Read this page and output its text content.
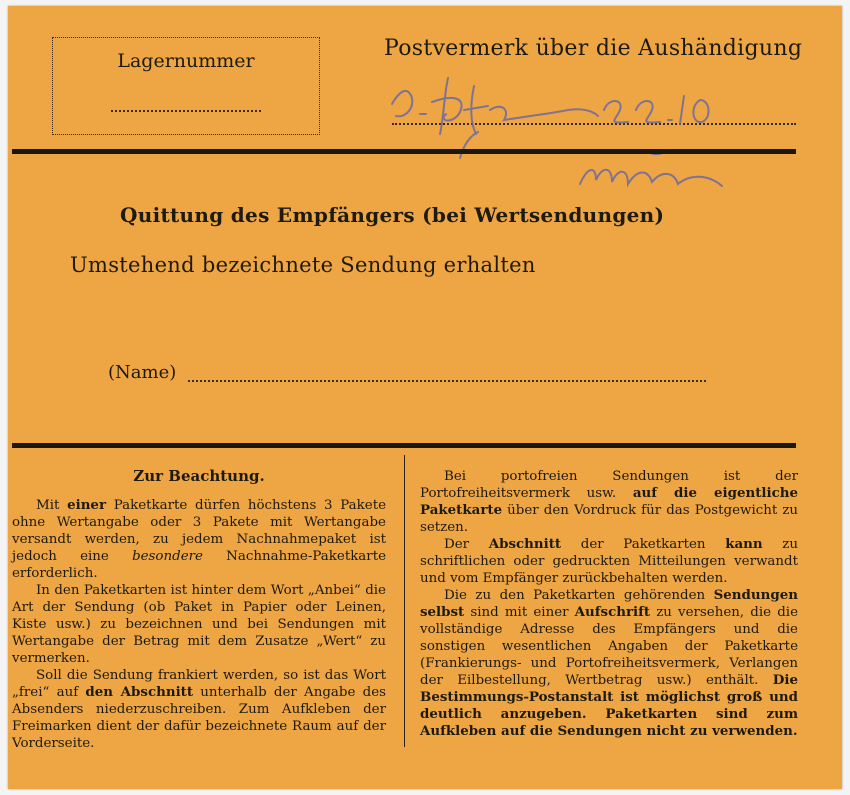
Lagernummer	Postvermerk über die Aushändigung
Quittung des Empfängers (bei Wertsendungen)
Umstehend bezeichnete Sendung erhalten
(Name)
Zur Beachtung.

Mit einer Paketkarte dürfen höchstens 3 Pakete ohne Wertangabe oder 3 Pakete mit Wertangabe versandt werden, zu jedem Nachnahmepaket ist jedoch eine besondere Nachnahme-Paketkarte erforderlich.

In den Paketkarten ist hinter dem Wort „Anbei“ die Art der Sendung (ob Paket in Papier oder Leinen, Kiste usw.) zu bezeichnen und bei Sendungen mit Wertangabe der Betrag mit dem Zusatze „Wert“ zu vermerken.

Soll die Sendung frankiert werden, so ist das Wort „frei“ auf den Abschnitt unterhalb der Angabe des Absenders niederzuschreiben. Zum Aufkleben der Freimarken dient der dafür bezeichnete Raum auf der Vorderseite.

Bei portofreien Sendungen ist der Portofreiheitsvermerk usw. auf die eigentliche Paketkarte über den Vordruck für das Postgewicht zu setzen.

Der Abschnitt der Paketkarten kann zu schriftlichen oder gedruckten Mitteilungen verwandt und vom Empfänger zurückbehalten werden.

Die zu den Paketkarten gehörenden Sendungen selbst sind mit einer Aufschrift zu versehen, die die vollständige Adresse des Empfängers und die sonstigen wesentlichen Angaben der Paketkarte (Frankierungs- und Portofreiheitsvermerk, Verlangen der Eilbestellung, Wertbetrag usw.) enthält. Die Bestimmungs-Postanstalt ist möglichst groß und deutlich anzugeben. Paketkarten sind zum Aufkleben auf die Sendungen nicht zu verwenden.
